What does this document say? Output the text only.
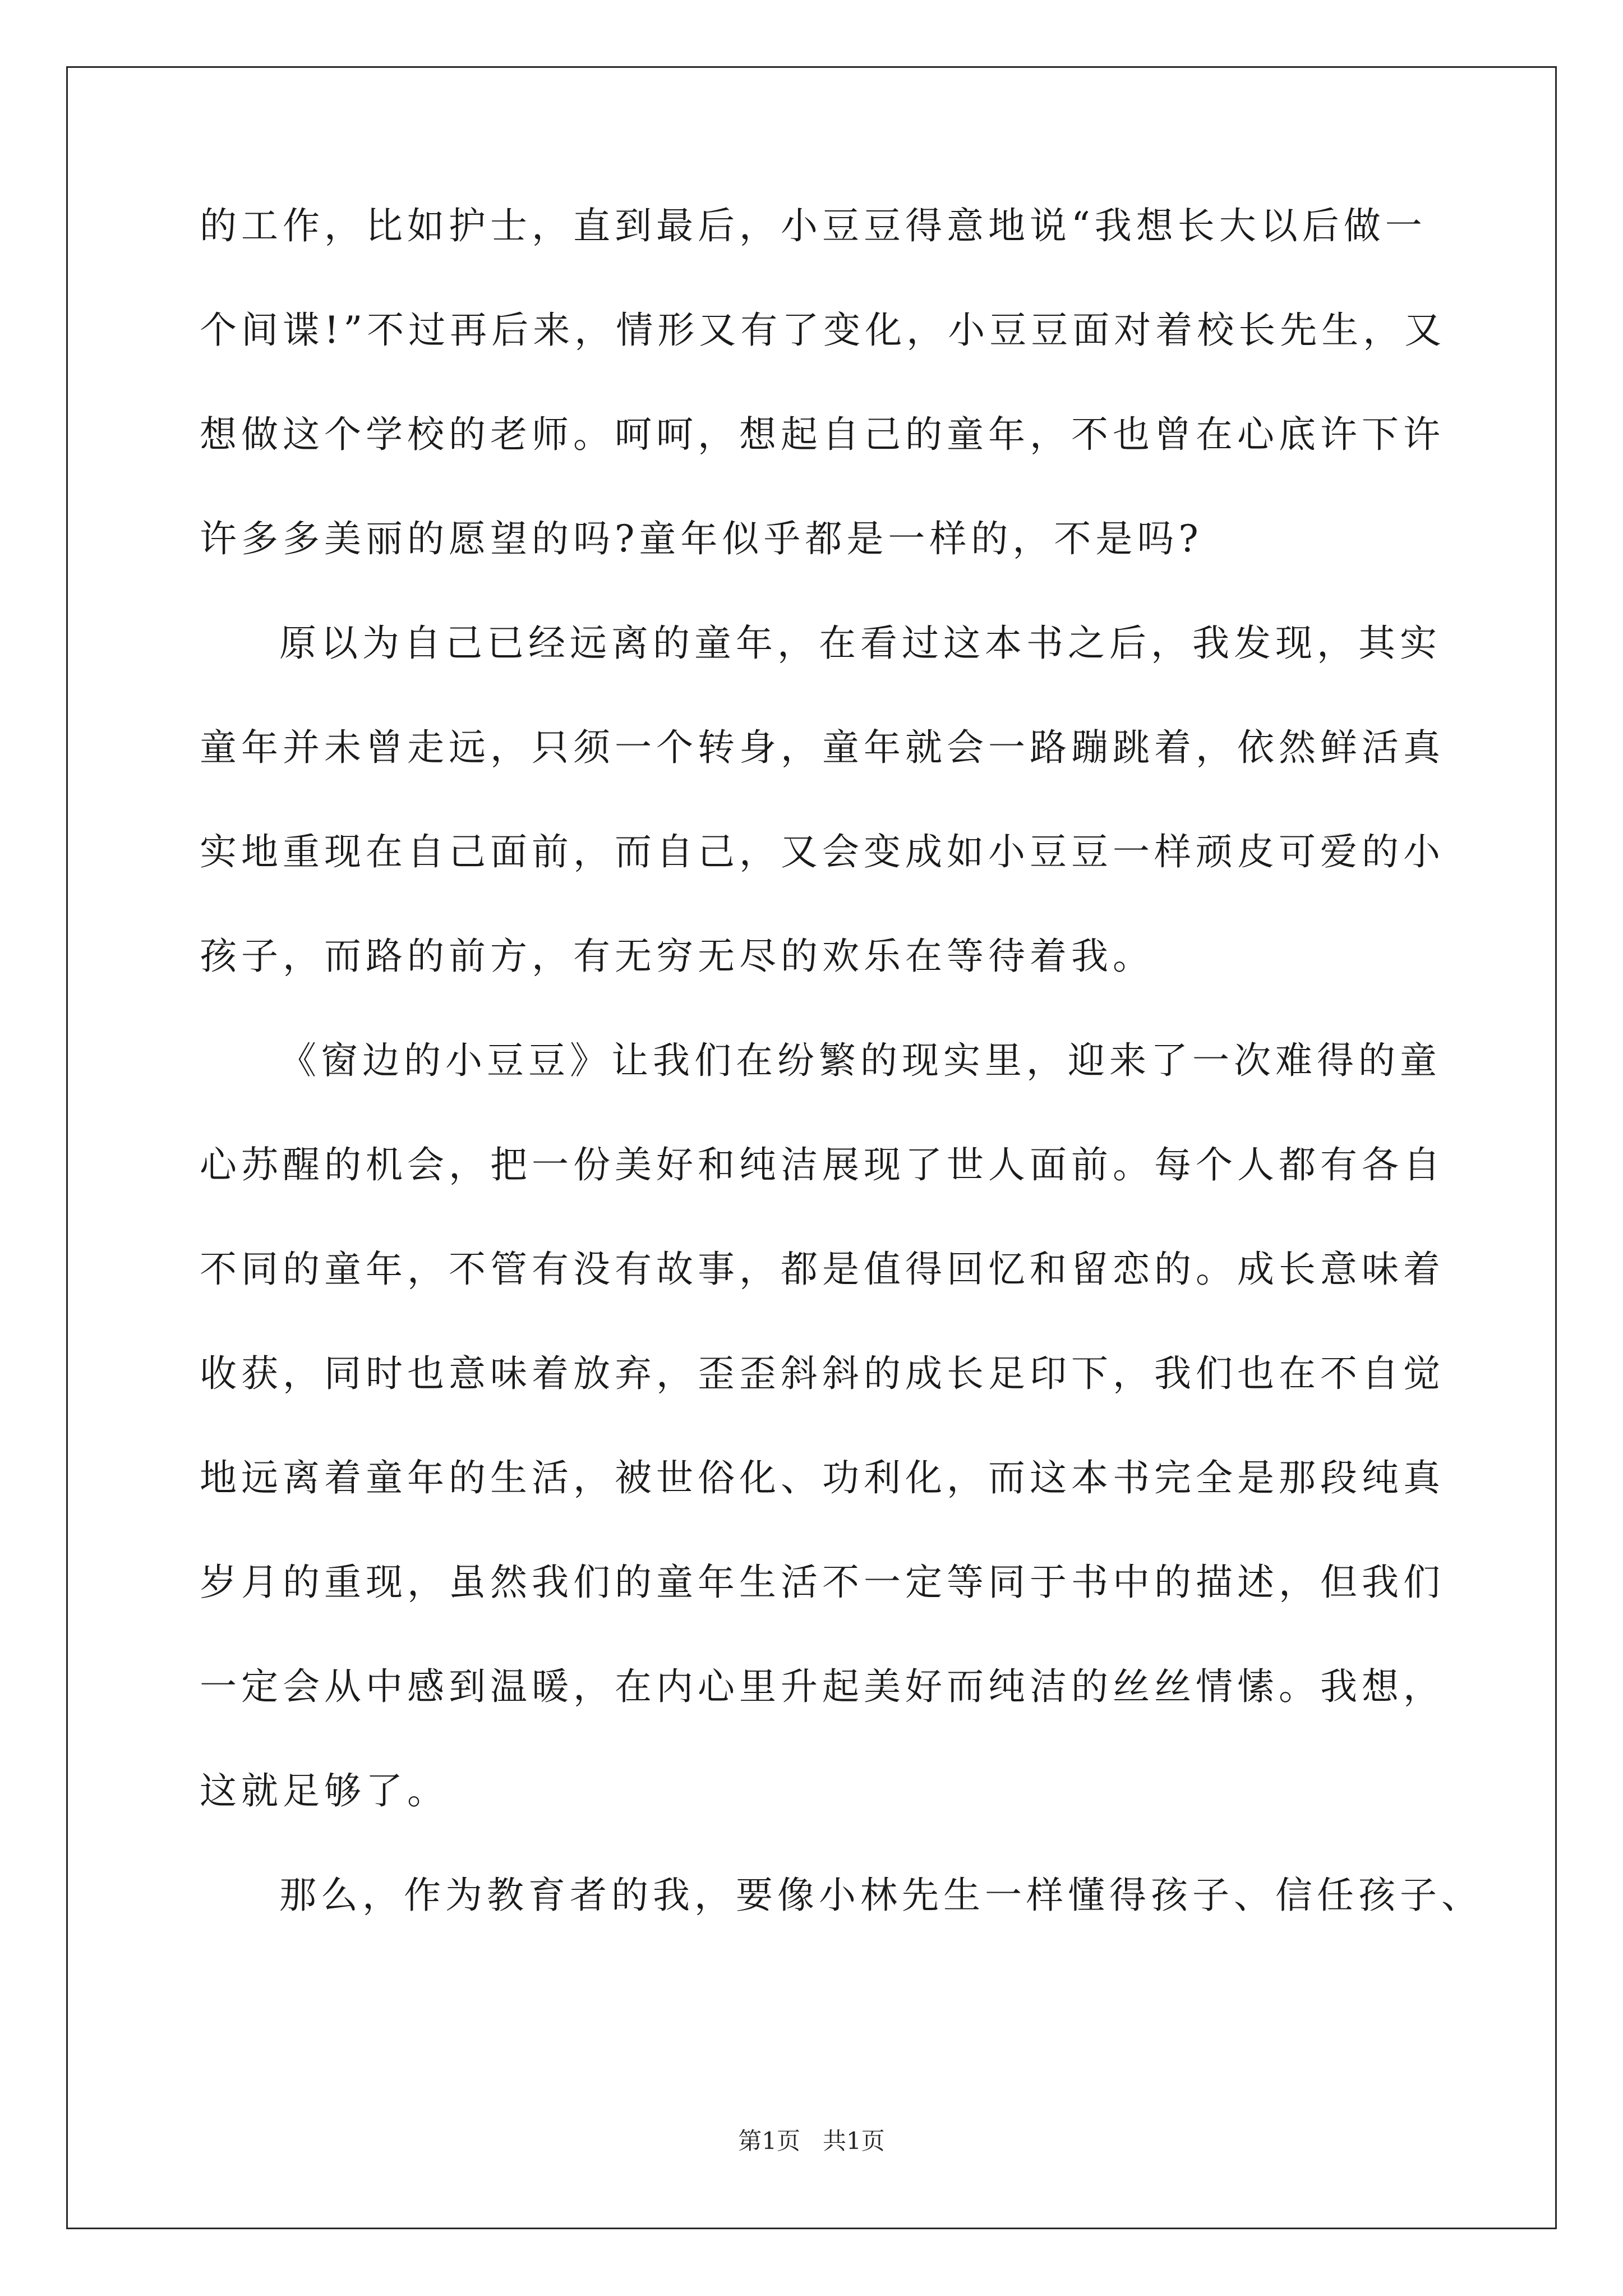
的工作，比如护士，直到最后，小豆豆得意地说“我想长大以后做一
个间谍!”不过再后来，情形又有了变化，小豆豆面对着校长先生，又
想做这个学校的老师。呵呵，想起自己的童年，不也曾在心底许下许
许多多美丽的愿望的吗?童年似乎都是一样的，不是吗?
原以为自己已经远离的童年，在看过这本书之后，我发现，其实
童年并未曾走远，只须一个转身，童年就会一路蹦跳着，依然鲜活真
实地重现在自己面前，而自己，又会变成如小豆豆一样顽皮可爱的小
孩子，而路的前方，有无穷无尽的欢乐在等待着我。
《窗边的小豆豆》让我们在纷繁的现实里，迎来了一次难得的童
心苏醒的机会，把一份美好和纯洁展现了世人面前。每个人都有各自
不同的童年，不管有没有故事，都是值得回忆和留恋的。成长意味着
收获，同时也意味着放弃，歪歪斜斜的成长足印下，我们也在不自觉
地远离着童年的生活，被世俗化、功利化，而这本书完全是那段纯真
岁月的重现，虽然我们的童年生活不一定等同于书中的描述，但我们
一定会从中感到温暖，在内心里升起美好而纯洁的丝丝情愫。我想，
这就足够了。
那么，作为教育者的我，要像小林先生一样懂得孩子、信任孩子、
第1页   共1页
